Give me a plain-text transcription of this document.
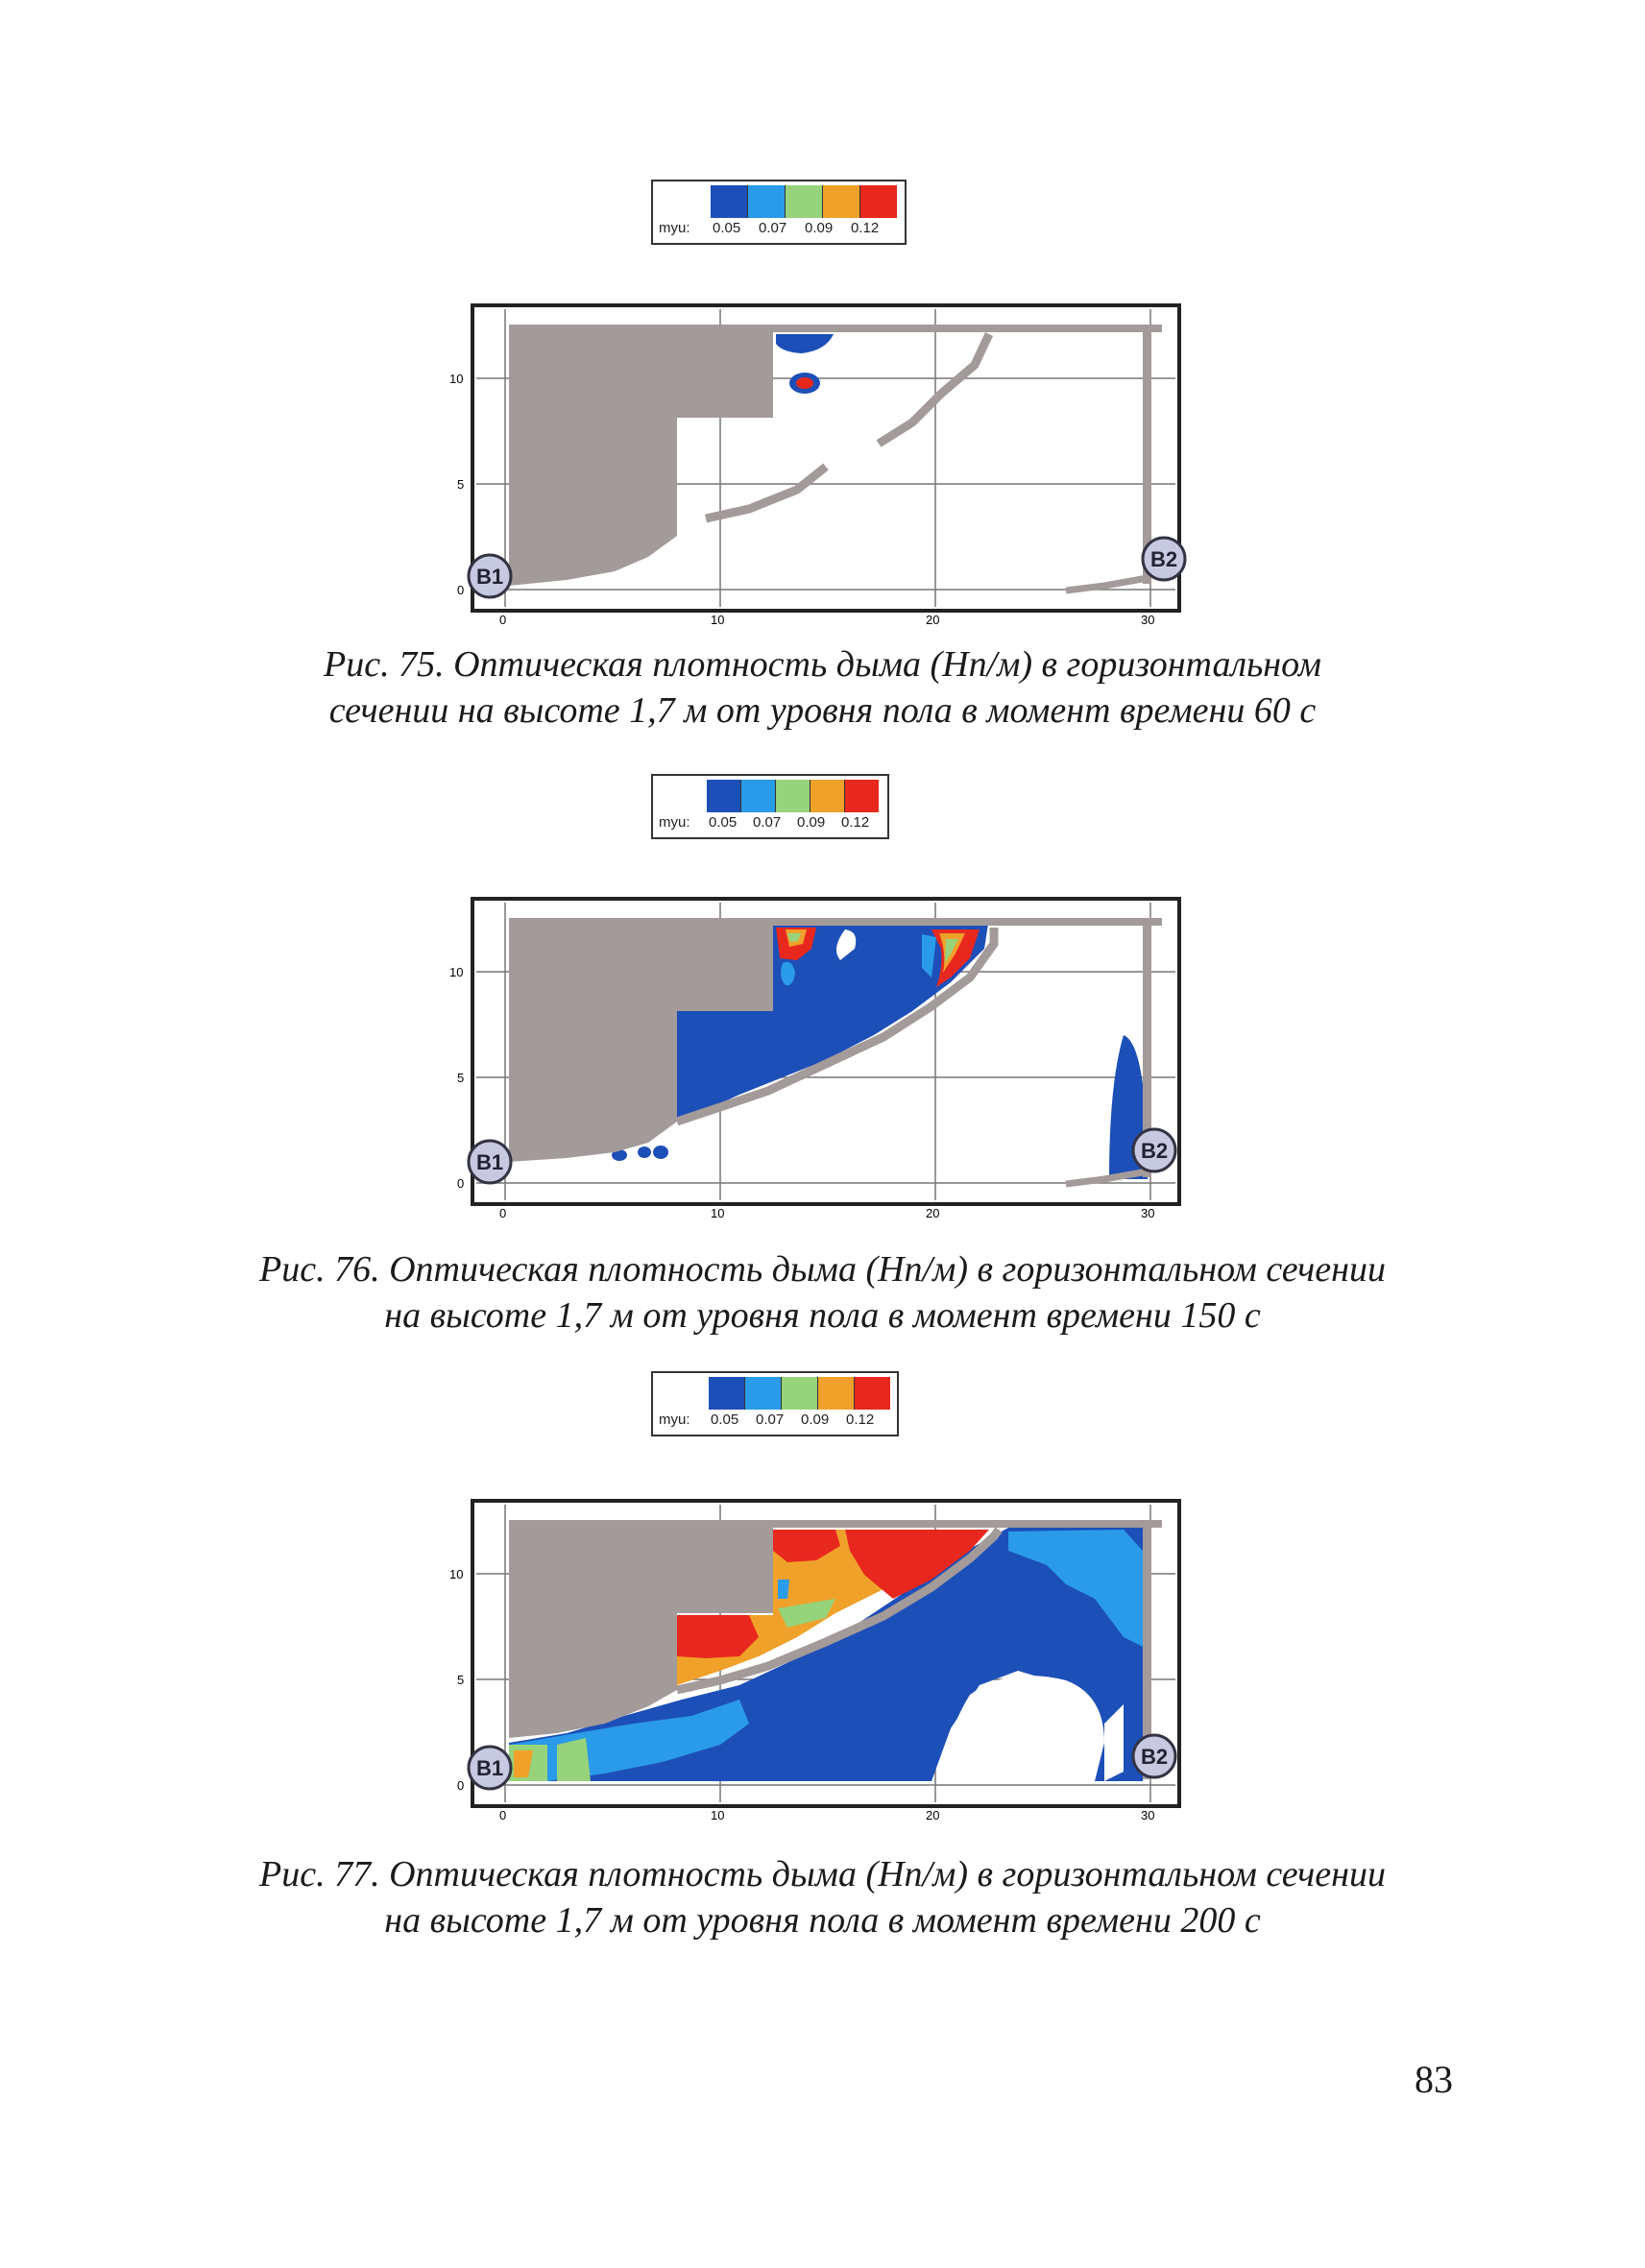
myu: 0.05 0.07 0.09 0.12
0	10	20	30
0
5
10
B1
B2
Рис. 75. Оптическая плотность дыма (Нп/м) в горизонтальном
сечении на высоте 1,7 м от уровня пола в момент времени 60 с
myu: 0.05 0.07 0.09 0.12
0	10	20	30
0
5
10
B1	B2
Рис. 76. Оптическая плотность дыма (Нп/м) в горизонтальном сечении
на высоте 1,7 м от уровня пола в момент времени 150 с
myu: 0.05 0.07 0.09 0.12
0	10	20	30
0
5
10
B1	B2
Рис. 77. Оптическая плотность дыма (Нп/м) в горизонтальном сечении
на высоте 1,7 м от уровня пола в момент времени 200 с
83
